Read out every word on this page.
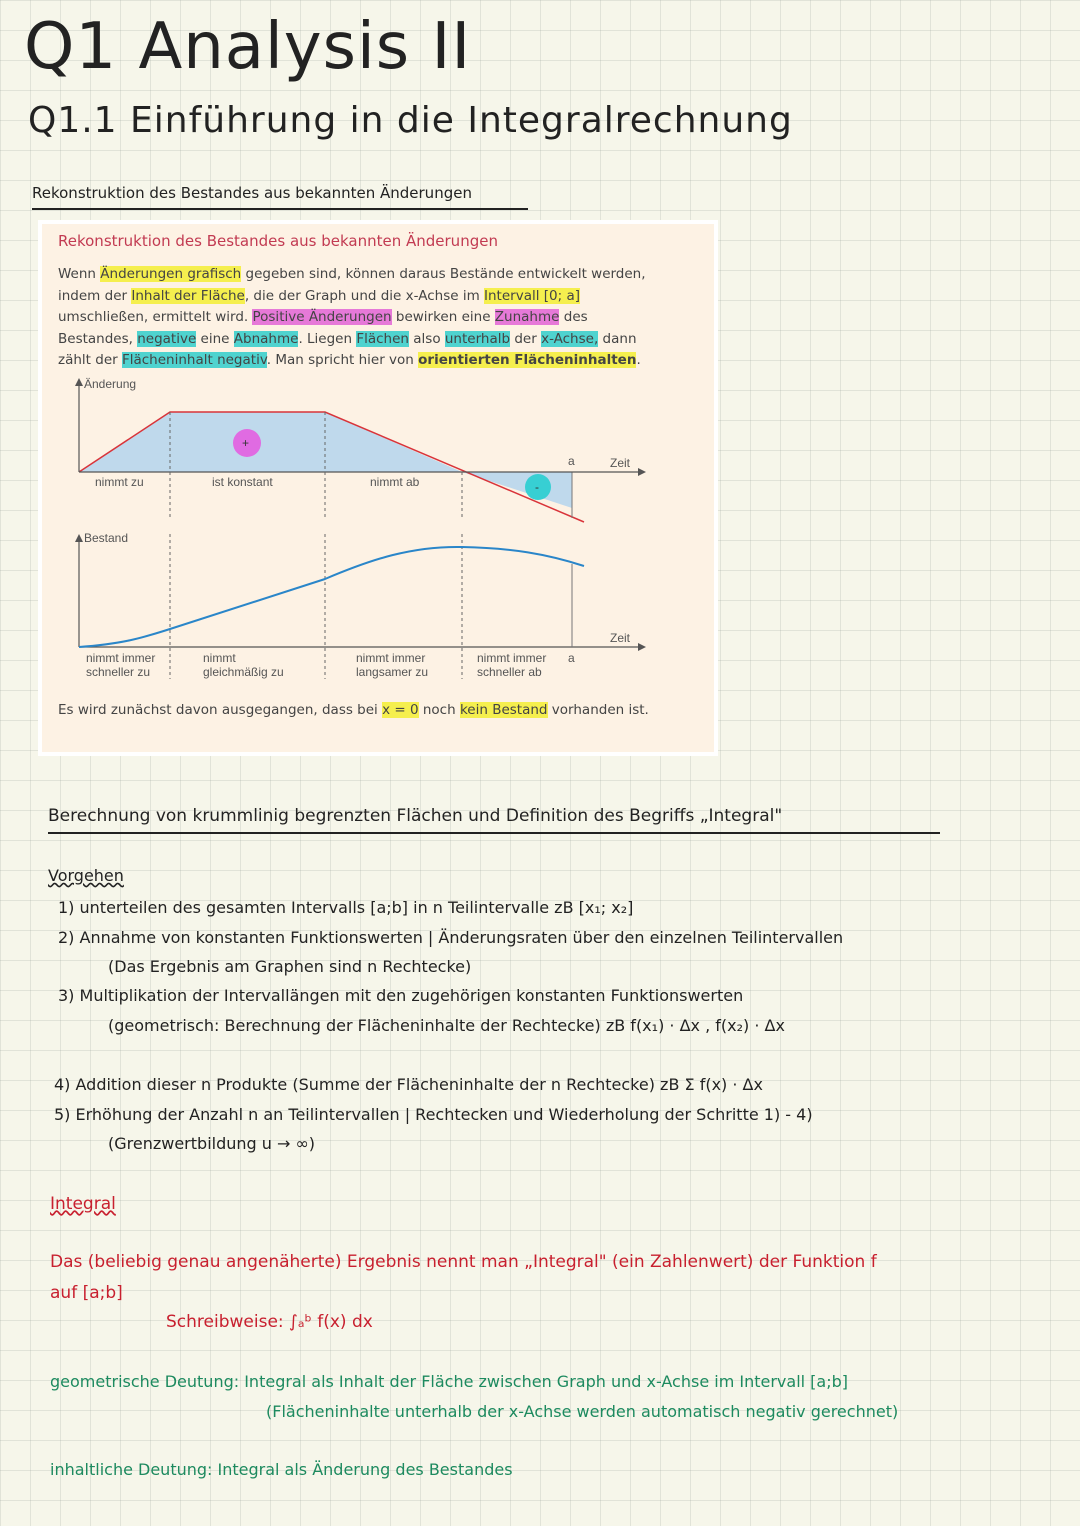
Q1 Analysis II
Q1.1 Einführung in die Integralrechnung
Rekonstruktion des Bestandes aus bekannten Änderungen
Rekonstruktion des Bestandes aus bekannten Änderungen
Wenn Änderungen grafisch gegeben sind, können daraus Bestände entwickelt werden, indem der Inhalt der Fläche, die der Graph und die x-Achse im Intervall [0; a] umschließen, ermittelt wird. Positive Änderungen bewirken eine Zunahme des Bestandes, negative eine Abnahme. Liegen Flächen also unterhalb der x-Achse, dann zählt der Flächeninhalt negativ. Man spricht hier von orientierten Flächeninhalten.
+
-
Änderung
Zeit
a
nimmt zu	ist konstant	nimmt ab
Bestand
Zeit
a
nimmt immer
schneller zu
nimmt
gleichmäßig zu
nimmt immer
langsamer zu
nimmt immer
schneller ab
Es wird zunächst davon ausgegangen, dass bei x = 0 noch kein Bestand vorhanden ist.
Berechnung von krummlinig begrenzten Flächen und Definition des Begriffs „Integral"
Vorgehen
1) unterteilen des gesamten Intervalls [a;b] in n Teilintervalle zB [x₁; x₂]
2) Annahme von konstanten Funktionswerten | Änderungsraten über den einzelnen Teilintervallen
(Das Ergebnis am Graphen sind n Rechtecke)
3) Multiplikation der Intervallängen mit den zugehörigen konstanten Funktionswerten
(geometrisch: Berechnung der Flächeninhalte der Rechtecke) zB f(x₁) · Δx , f(x₂) · Δx
4) Addition dieser n Produkte (Summe der Flächeninhalte der n Rechtecke) zB Σ f(x) · Δx
5) Erhöhung der Anzahl n an Teilintervallen | Rechtecken und Wiederholung der Schritte 1) - 4)
(Grenzwertbildung u → ∞)
Integral
Das (beliebig genau angenäherte) Ergebnis nennt man „Integral" (ein Zahlenwert) der Funktion f
auf [a;b]
Schreibweise: ∫ₐᵇ f(x) dx
geometrische Deutung: Integral als Inhalt der Fläche zwischen Graph und x-Achse im Intervall [a;b]
(Flächeninhalte unterhalb der x-Achse werden automatisch negativ gerechnet)
inhaltliche Deutung: Integral als Änderung des Bestandes
